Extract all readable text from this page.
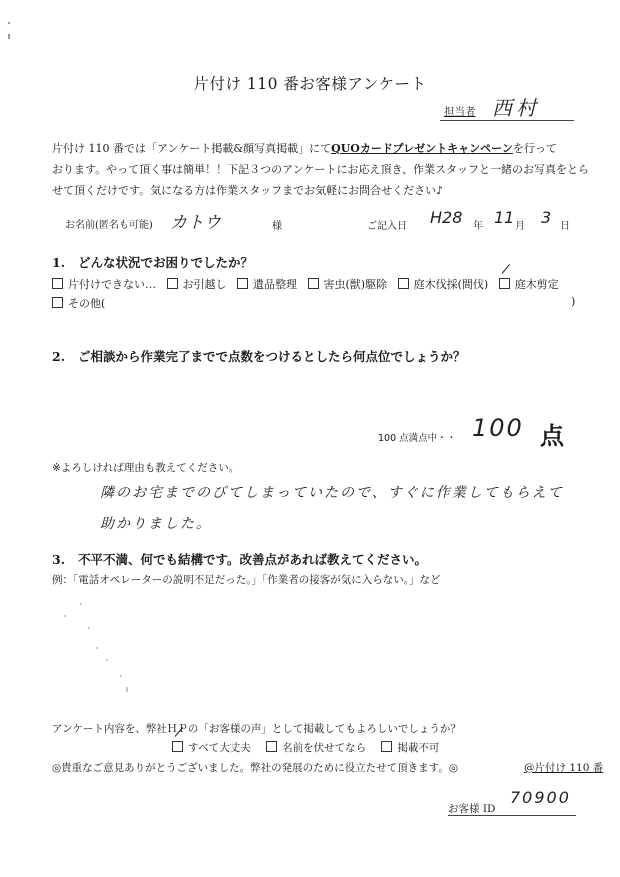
片付け 110 番お客様アンケート
担当者 西村

片付け 110 番では「アンケート掲載&顔写真掲載」にてQUOカードプレゼントキャンペーンを行って

おります。やって頂く事は簡単！！下記３つのアンケートにお応え頂き、作業スタッフと一緒のお写真をとら

せて頂くだけです。気になる方は作業スタッフまでお気軽にお問合せください♪

お名前(匿名も可能) カトウ	様	ご記入日 H28 年 11 月 3 日
1. どんな状況でお困りでしたか？
片付けできない… お引越し 遺品整理 害虫(獣)駆除 庭木伐採(間伐) 庭木剪定
その他(	)
2. ご相談から作業完了までで点数をつけるとしたら何点位でしょうか？
100 点満点中・・ 100 点
※よろしければ理由も教えてください。
隣のお宅までのびてしまっていたので、すぐに作業してもらえて
助かりました。
3. 不平不満、何でも結構です。改善点があれば教えてください。
例：「電話オペレーターの説明不足だった。」「作業者の接客が気に入らない。」など
アンケート内容を、弊社ＨＰの「お客様の声」として掲載してもよろしいでしょうか？
すべて大丈夫	名前を伏せてなら	掲載不可
◎貴重なご意見ありがとうございました。弊社の発展のために役立たせて頂きます。◎	@片付け 110 番
お客様 ID
70900
